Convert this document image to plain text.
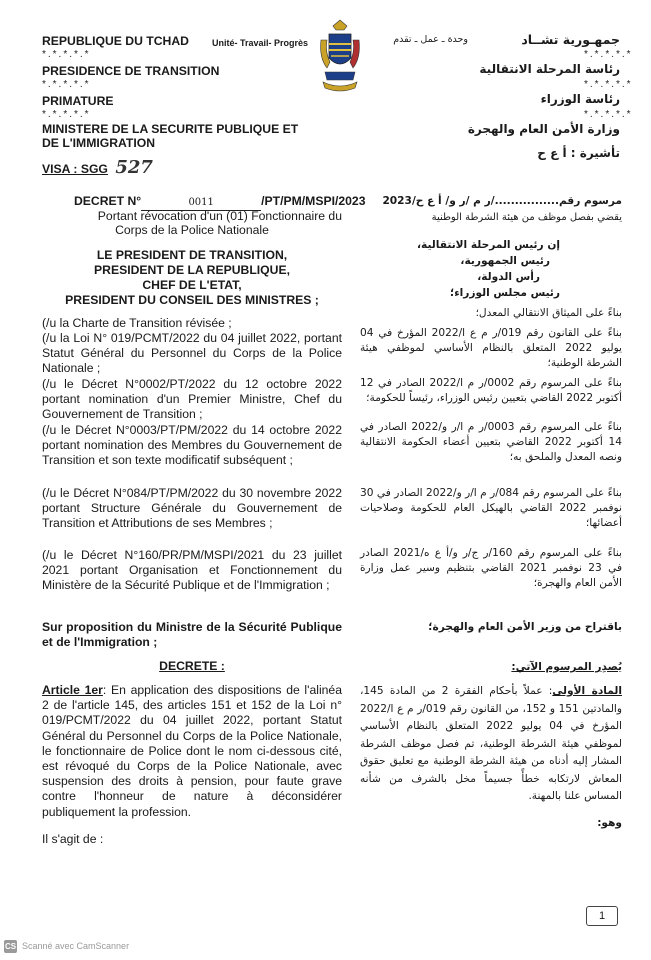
REPUBLIQUE DU TCHAD
*.*.*.*.*
PRESIDENCE DE TRANSITION
*.*.*.*.*
PRIMATURE
*.*.*.*.*
MINISTERE DE LA SECURITE PUBLIQUE ET
DE L'IMMIGRATION
VISA : SGG 527
Unité- Travail- Progrès	وحدة ـ عمل ـ تقدم	جمهـورية تشــاد
*.*.*.*.*
رئاسة المرحلة الانتقالية
*.*.*.*.*
رئاسة الوزراء
*.*.*.*.*
وزارة الأمن العام والهجرة
تأشيرة : أ ع ح
DECRET N°	0011	/PT/PM/MSPI/2023
Portant révocation d'un (01) Fonctionnaire du
Corps de la Police Nationale
LE PRESIDENT DE TRANSITION,
PRESIDENT DE LA REPUBLIQUE,
CHEF DE L'ETAT,
PRESIDENT DU CONSEIL DES MINISTRES ;
(/u la Charte de Transition révisée ;
(/u la Loi N° 019/PCMT/2022 du 04 juillet 2022, portant Statut Général du Personnel du Corps de la Police Nationale ;
(/u le Décret N°0002/PT/2022 du 12 octobre 2022 portant nomination d'un Premier Ministre, Chef du Gouvernement de Transition ;
(/u le Décret N°0003/PT/PM/2022 du 14 octobre 2022 portant nomination des Membres du Gouvernement de Transition et son texte modificatif subséquent ;
(/u le Décret N°084/PT/PM/2022 du 30 novembre 2022 portant Structure Générale du Gouvernement de Transition et Attributions de ses Membres ;
(/u le Décret N°160/PR/PM/MSPI/2021 du 23 juillet 2021 portant Organisation et Fonctionnement du Ministère de la Sécurité Publique et de l'Immigration ;
Sur proposition du Ministre de la Sécurité Publique et de l'Immigration ;
DECRETE :
Article 1er: En application des dispositions de l'alinéa 2 de l'article 145, des articles 151 et 152 de la Loi n° 019/PCMT/2022 du 04 juillet 2022, portant Statut Général du Personnel du Corps de la Police Nationale, le fonctionnaire de Police dont le nom ci-dessous cité, est révoqué du Corps de la Police Nationale, avec suspension des droits à pension, pour faute grave contre l'honneur de nature à déconsidérer publiquement la profession.
Il s'agit de :
مرسوم رقم................/ر م /ر و/ أ ع ح/2023
يقضي بفصل موظف من هيئة الشرطة الوطنية
إن رئيس المرحلة الانتقالية،
رئيس الجمهورية،
رأس الدولة،
رئيس مجلس الوزراء؛
بناءً على الميثاق الانتقالي المعدل؛
بناءً على القانون رقم 019/ر م ع ا/2022 المؤرخ في 04 يوليو 2022 المتعلق بالنظام الأساسي لموظفي هيئة الشرطة الوطنية؛
بناءً على المرسوم رقم 0002/ر م ا/2022 الصادر في 12 أكتوبر 2022 القاضي بتعيين رئيس الوزراء، رئيساً للحكومة؛
بناءً على المرسوم رقم 0003/ر م ا/ر و/2022 الصادر في 14 أكتوبر 2022 القاضي بتعيين أعضاء الحكومة الانتقالية ونصه المعدل والملحق به؛
بناءً على المرسوم رقم 084/ر م ا/ر و/2022 الصادر في 30 نوفمبر 2022 القاضي بالهيكل العام للحكومة وصلاحيات أعضائها؛
بناءً على المرسوم رقم 160/ر ج/ر و/أ ع ه/2021 الصادر في 23 نوفمبر 2021 القاضي بتنظيم وسير عمل وزارة الأمن العام والهجرة؛
باقتراح من وزير الأمن العام والهجرة؛
يُصدِر المرسوم الآتي:
المادة الأولى: عملاً بأحكام الفقرة 2 من المادة 145، والمادتين 151 و 152، من القانون رقم 019/ر م ع ا/2022 المؤرخ في 04 يوليو 2022 المتعلق بالنظام الأساسي لموظفي هيئة الشرطة الوطنية، تم فصل موظف الشرطة المشار إليه أدناه من هيئة الشرطة الوطنية مع تعليق حقوق المعاش لارتكابه خطأً جسيماً مخل بالشرف من شأنه المساس علنا بالمهنة.
وهو:
1
CS Scanné avec CamScanner
